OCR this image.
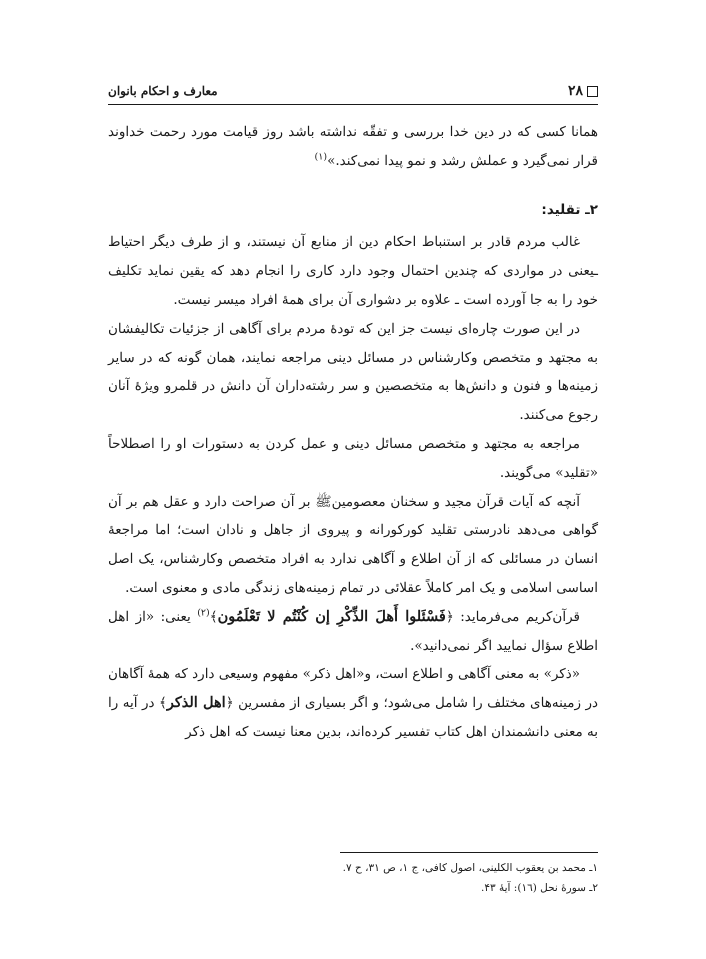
۲۸
معارف و احکام بانوان

همانا کسی که در دین خدا بررسی و تفقّه نداشته باشد روز قیامت مورد رحمت خداوند قرار نمی‌گیرد و عملش رشد و نمو پیدا نمی‌کند.»$^{(۱)}$

۲ـ تقلید:

غالب مردم قادر بر استنباط احکام دین از منابع آن نیستند، و از طرف دیگر احتیاط ـیعنی در مواردی که چندین احتمال وجود دارد کاری را انجام دهد که یقین نماید تکلیف خود را به جا آورده است ـ علاوه بر دشواری آن برای همهٔ افراد میسر نیست.

در این صورت چاره‌ای نیست جز این که تودهٔ مردم برای آگاهی از جزئیات تکالیفشان به مجتهد و متخصص وکارشناس در مسائل دینی مراجعه نمایند، همان گونه که در سایر زمینه‌ها و فنون و دانش‌ها به متخصصین و سر رشته‌داران آن دانش در قلمرو ویژهٔ آنان رجوع می‌کنند.

مراجعه به مجتهد و متخصص مسائل دینی و عمل کردن به دستورات او را اصطلاحاً «تقلید» می‌گویند.

آنچه که آیات قرآن مجید و سخنان معصومین‌ﷺ بر آن صراحت دارد و عقل هم بر آن گواهی می‌دهد نادرستی تقلید کورکورانه و پیروی از جاهل و نادان است؛ اما مراجعهٔ انسان در مسائلی که از آن اطلاع و آگاهی ندارد به افراد متخصص وکارشناس، یک اصل اساسی اسلامی و یک امر کاملاً عقلائی در تمام زمینه‌های زندگی مادی و معنوی است.

قرآن‌کریم می‌فرماید: ﴿فَسْئَلوا أَهلَ الذِّكْرِ إن كُنْتُم لا تَعْلَمُون﴾$^{(۲)}$ یعنی: «از اهل اطلاع سؤال نمایید اگر نمی‌دانید».

«ذکر» به معنی آگاهی و اطلاع است، و«اهل ذکر» مفهوم وسیعی دارد که همهٔ آگاهان در زمینه‌های مختلف را شامل می‌شود؛ و اگر بسیاری از مفسرین ﴿اهل الذكر﴾ در آیه را به معنی دانشمندان اهل کتاب تفسیر کرده‌اند، بدین معنا نیست که اهل ذکر

۱ـ محمد بن یعقوب الکلینی، اصول کافی، ج ۱، ص ۳۱، ح ۷.

۲ـ سورهٔ نحل (۱٦): آیهٔ ۴۳.
